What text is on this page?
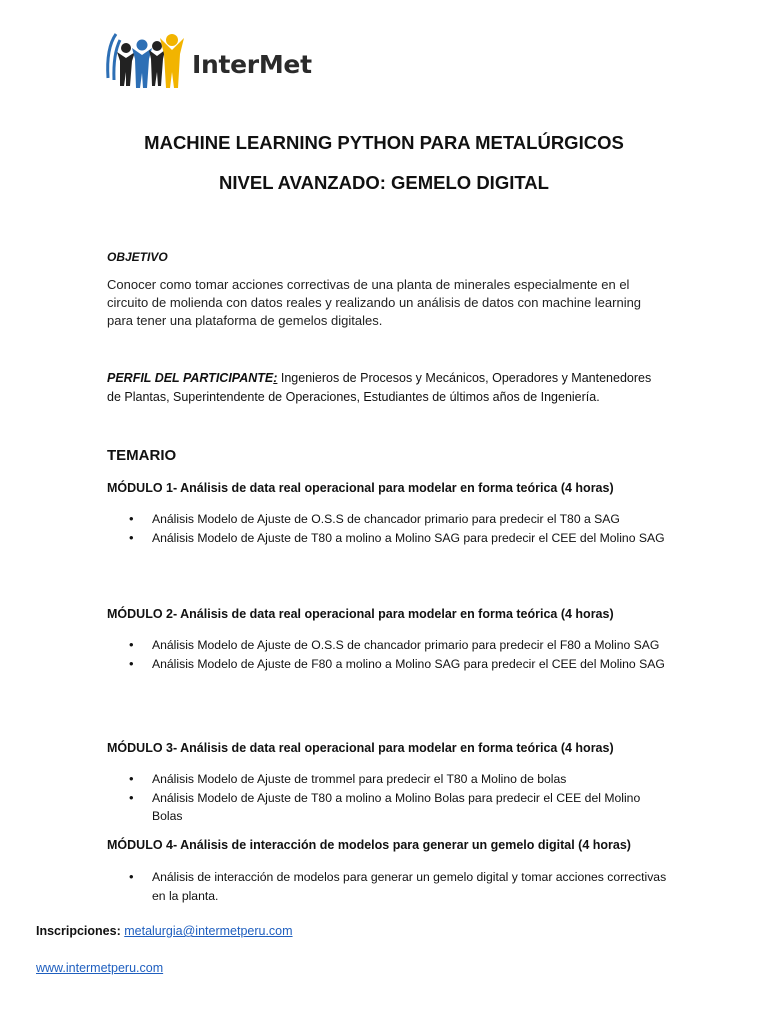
InterMet
MACHINE LEARNING PYTHON PARA METALÚRGICOS
NIVEL AVANZADO: GEMELO DIGITAL
OBJETIVO
Conocer como tomar acciones correctivas de una planta de minerales especialmente en el circuito de molienda con datos reales y realizando un análisis de datos con machine learning para tener una plataforma de gemelos digitales.
PERFIL DEL PARTICIPANTE: Ingenieros de Procesos y Mecánicos, Operadores y Mantenedores de Plantas, Superintendente de Operaciones, Estudiantes de últimos años de Ingeniería.
TEMARIO
MÓDULO 1- Análisis de data real operacional para modelar en forma teórica (4 horas)
• Análisis Modelo de Ajuste de O.S.S de chancador primario para predecir el T80 a SAG
• Análisis Modelo de Ajuste de T80 a molino a Molino SAG para predecir el CEE del Molino SAG
MÓDULO 2- Análisis de data real operacional para modelar en forma teórica (4 horas)
• Análisis Modelo de Ajuste de O.S.S de chancador primario para predecir el F80 a Molino SAG
• Análisis Modelo de Ajuste de F80 a molino a Molino SAG para predecir el CEE del Molino SAG
MÓDULO 3- Análisis de data real operacional para modelar en forma teórica (4 horas)
• Análisis Modelo de Ajuste de trommel para predecir el T80 a Molino de bolas
• Análisis Modelo de Ajuste de T80 a molino a Molino Bolas para predecir el CEE del Molino Bolas
MÓDULO 4- Análisis de interacción de modelos para generar un gemelo digital (4 horas)
• Análisis de interacción de modelos para generar un gemelo digital y tomar acciones correctivas en la planta.
Inscripciones: metalurgia@intermetperu.com
www.intermetperu.com
